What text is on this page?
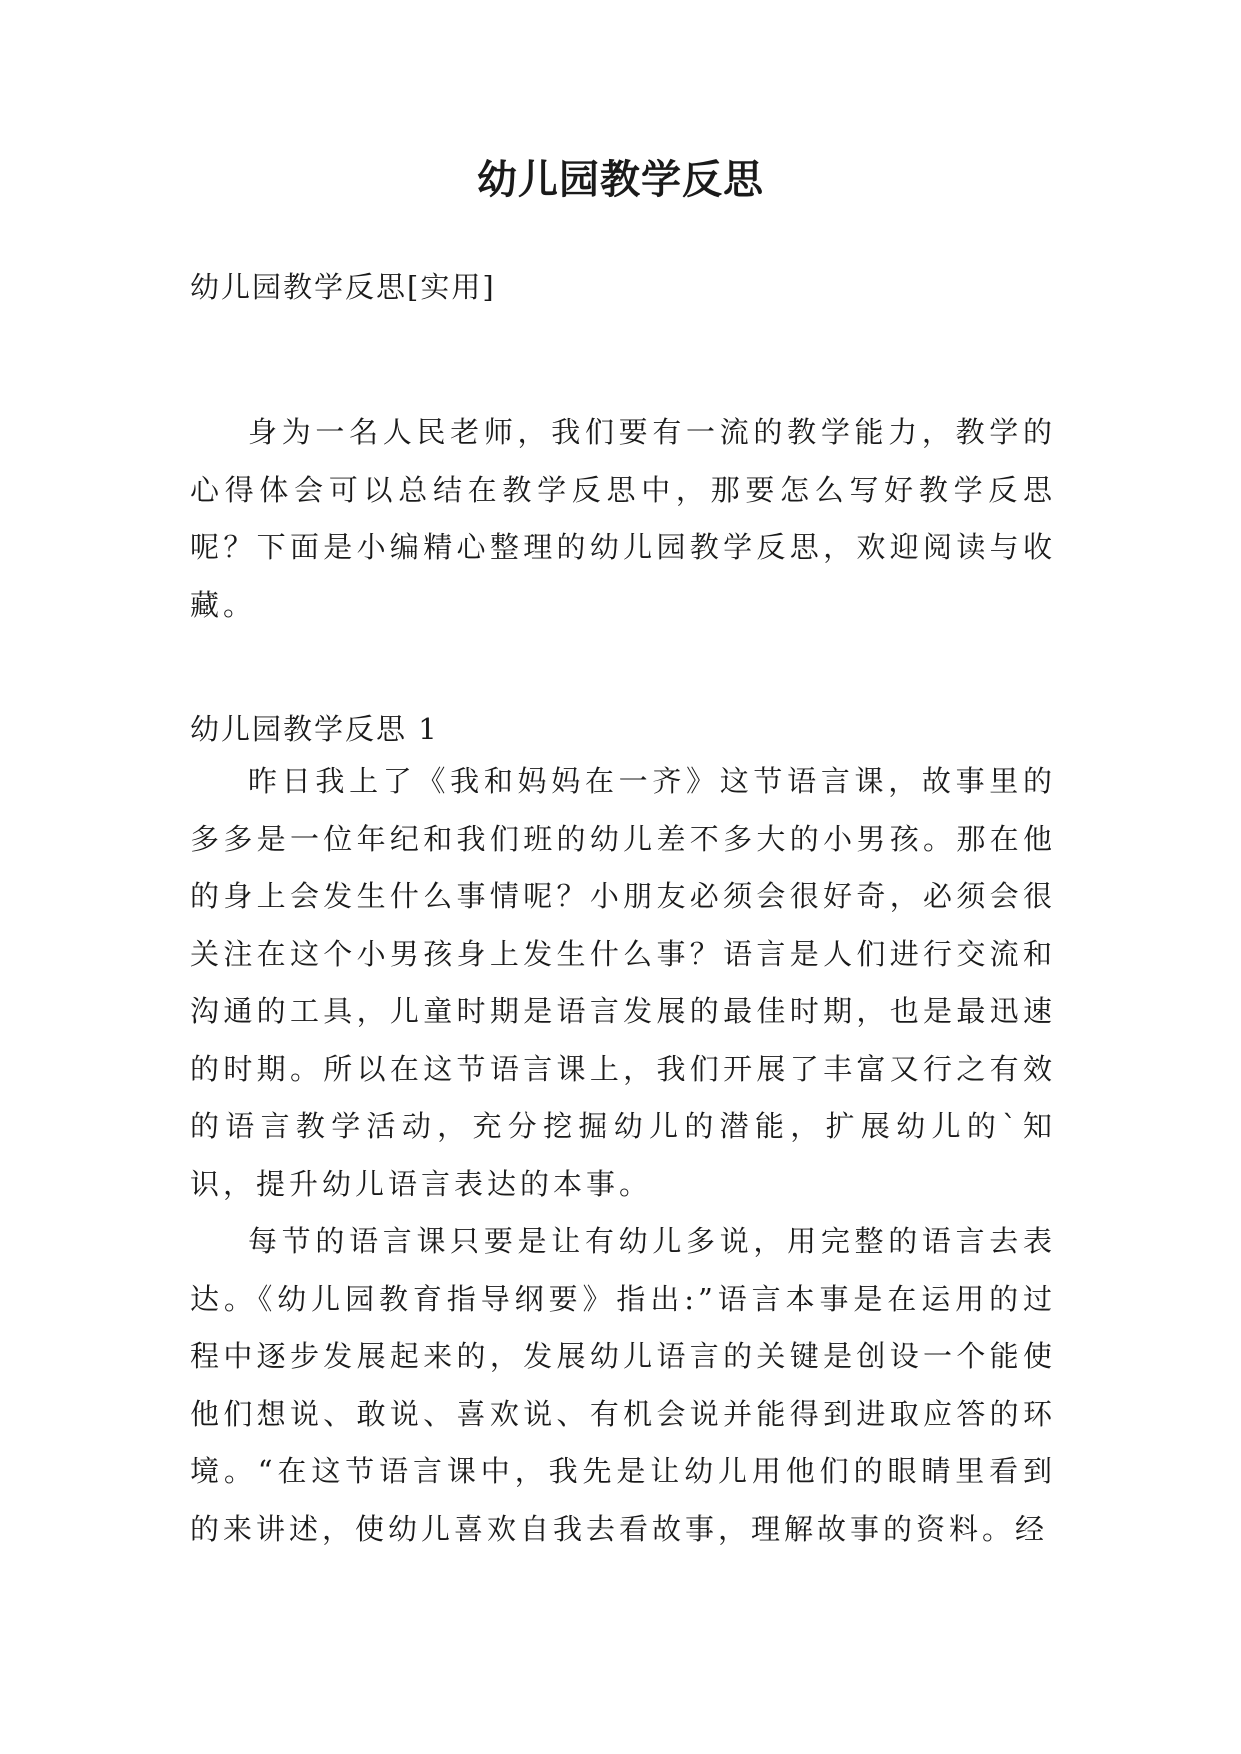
幼儿园教学反思

幼儿园教学反思[实用]

身为一名人民老师，我们要有一流的教学能力，教学的心得体会可以总结在教学反思中，那要怎么写好教学反思呢？下面是小编精心整理的幼儿园教学反思，欢迎阅读与收藏。

幼儿园教学反思 1

昨日我上了《我和妈妈在一齐》这节语言课，故事里的多多是一位年纪和我们班的幼儿差不多大的小男孩。那在他的身上会发生什么事情呢？小朋友必须会很好奇，必须会很关注在这个小男孩身上发生什么事？语言是人们进行交流和沟通的工具，儿童时期是语言发展的最佳时期，也是最迅速的时期。所以在这节语言课上，我们开展了丰富又行之有效的语言教学活动，充分挖掘幼儿的潜能，扩展幼儿的`知识，提升幼儿语言表达的本事。

每节的语言课只要是让有幼儿多说，用完整的语言去表达。《幼儿园教育指导纲要》指出:”语言本事是在运用的过程中逐步发展起来的，发展幼儿语言的关键是创设一个能使他们想说、敢说、喜欢说、有机会说并能得到进取应答的环境。“在这节语言课中，我先是让幼儿用他们的眼睛里看到的来讲述，使幼儿喜欢自我去看故事，理解故事的资料。经
